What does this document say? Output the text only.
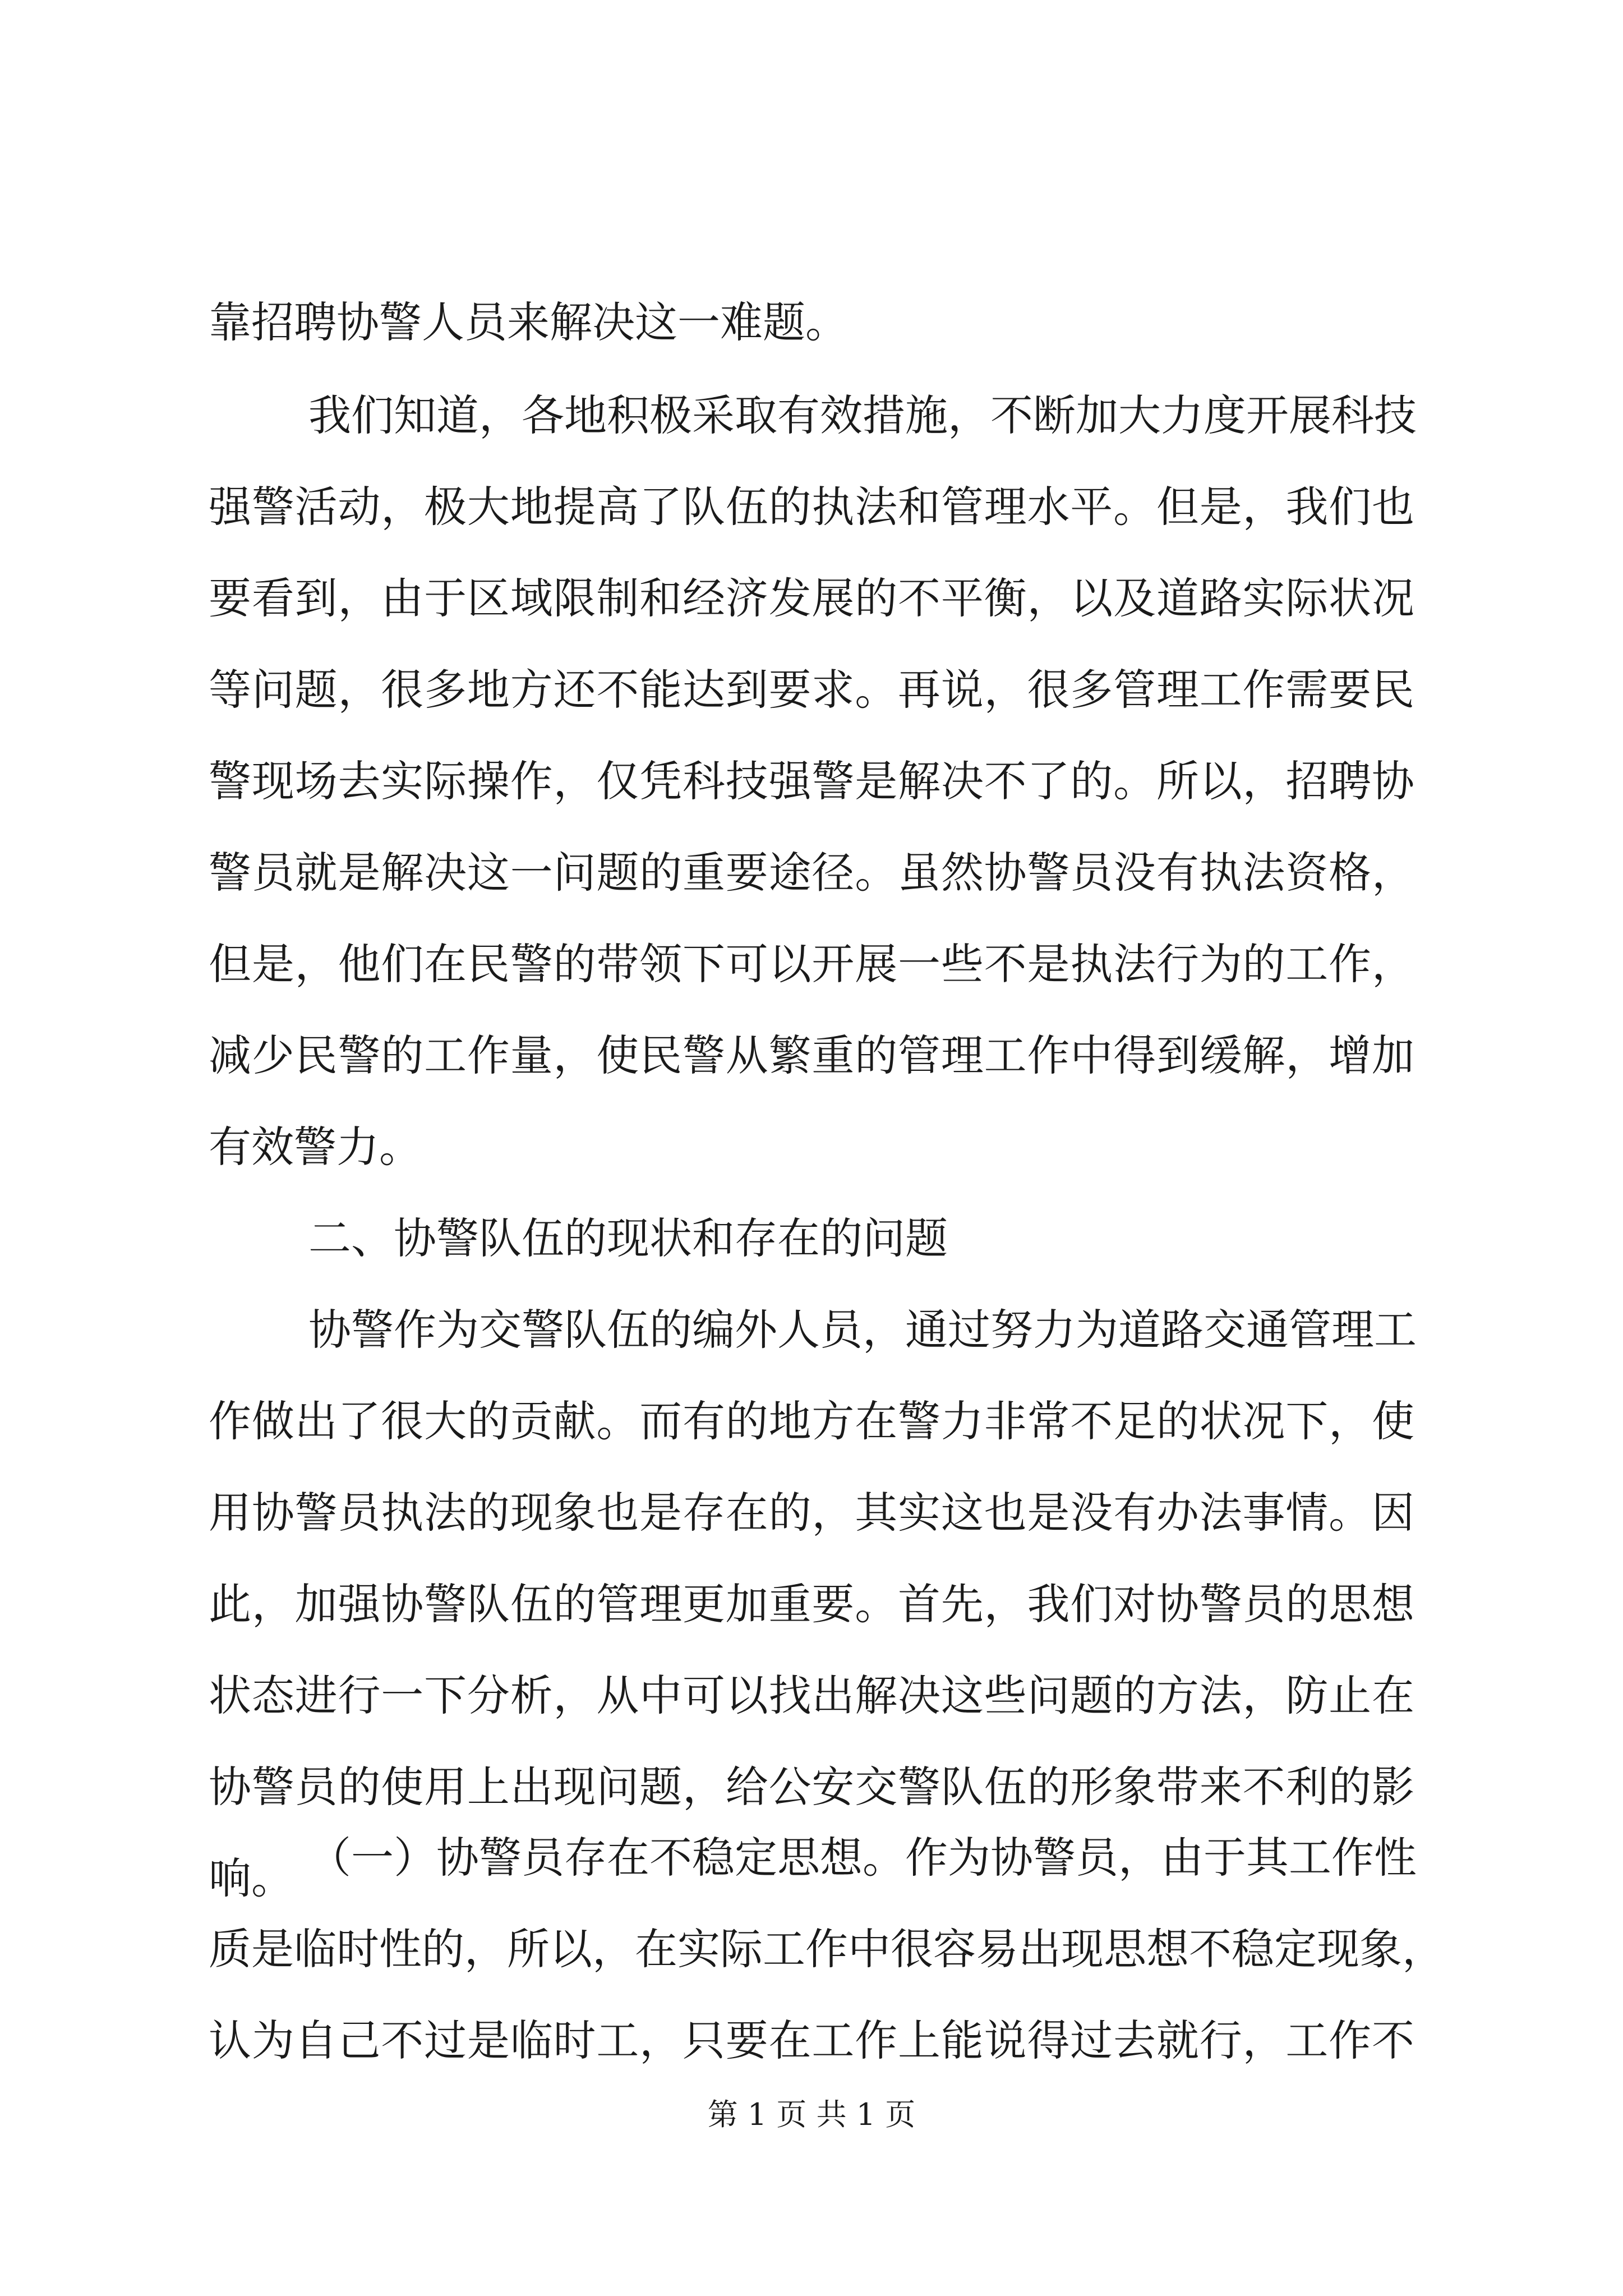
靠招聘协警人员来解决这一难题。
我们知道，各地积极采取有效措施，不断加大力度开展科技
强警活动，极大地提高了队伍的执法和管理水平。但是，我们也
要看到，由于区域限制和经济发展的不平衡，以及道路实际状况
等问题，很多地方还不能达到要求。再说，很多管理工作需要民
警现场去实际操作，仅凭科技强警是解决不了的。所以，招聘协
警员就是解决这一问题的重要途径。虽然协警员没有执法资格，
但是，他们在民警的带领下可以开展一些不是执法行为的工作，
减少民警的工作量，使民警从繁重的管理工作中得到缓解，增加
有效警力。
二、协警队伍的现状和存在的问题
协警作为交警队伍的编外人员，通过努力为道路交通管理工
作做出了很大的贡献。而有的地方在警力非常不足的状况下，使
用协警员执法的现象也是存在的，其实这也是没有办法事情。因
此，加强协警队伍的管理更加重要。首先，我们对协警员的思想
状态进行一下分析，从中可以找出解决这些问题的方法，防止在
协警员的使用上出现问题，给公安交警队伍的形象带来不利的影
响。 （一）协警员存在不稳定思想。作为协警员，由于其工作性
质是临时性的，所以，在实际工作中很容易出现思想不稳定现象，
认为自己不过是临时工，只要在工作上能说得过去就行，工作不
第 1 页 共 1 页
